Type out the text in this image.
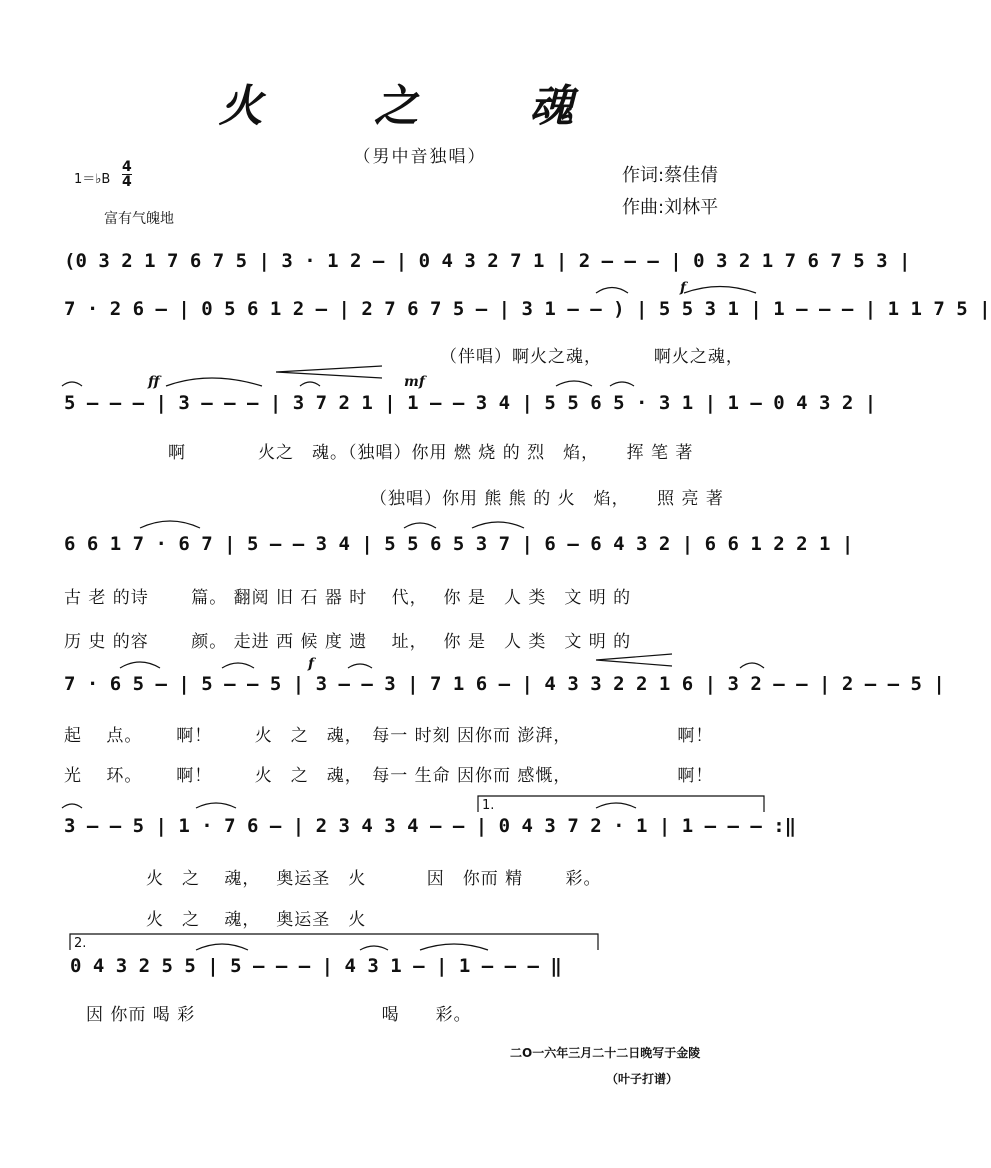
火 之 魂
（男中音独唱）
1＝♭B
4
4
富有气魄地
作词:蔡佳倩
作曲:刘林平
(0 3 2 1 7 6 7 5 | 3 · 1 2 — | 0 4 3 2 7 1 | 2 — — — | 0 3 2 1 7 6 7 5 3 |
7 · 2 6 — | 0 5 6 1 2 — | 2 7 6 7 5 — | 3 1 — — ) | 5 5 3 1 | 1 — — — | 1 1 7 5 |
f
（伴唱）啊火之魂，　　　 啊火之魂，
ff	mf
5 — — — | 3 — — — | 3 7 2 1 | 1 — — 3 4 | 5 5 6 5 · 3 1 | 1 — 0 4 3 2 |
啊　　　　火之　魂。（独唱）你用 燃 烧 的 烈　焰，　　挥 笔 著
（独唱）你用 熊 熊 的 火　焰，　　照 亮 著
6 6 1 7 · 6 7 | 5 — — 3 4 | 5 5 6 5 3 7 | 6 — 6 4 3 2 | 6 6 1 2 2 1 |
古 老 的诗　　 篇。 翻阅 旧 石 器 时　 代，　 你 是　人 类　文 明 的
历 史 的容　　 颜。 走进 西 候 度 遗　 址，　 你 是　人 类　文 明 的
f
7 · 6 5 — | 5 — — 5 | 3 — — 3 | 7 1 6 — | 4 3 3 2 2 1 6 | 3 2 — — | 2 — — 5 |
起　 点。　　 啊！　　 火　之　魂，　每一 时刻 因你而 澎湃，　　　　　　 啊！
光　 环。　　 啊！　　 火　之　魂，　每一 生命 因你而 感慨，　　　　　　 啊！
1.
3 — — 5 | 1 · 7 6 — | 2 3 4 3 4 — — | 0 4 3 7 2 · 1 | 1 — — — :‖
火　之　 魂，　 奥运圣　火　　　 因　你而 精　　 彩。
火　之　 魂，　 奥运圣　火
2.
0 4 3 2 5 5 | 5 — — — | 4 3 1 — | 1 — — — ‖
因 你而 喝 彩　　　　　　　　　　 喝　　彩。
二O一六年三月二十二日晚写于金陵
（叶子打谱）
